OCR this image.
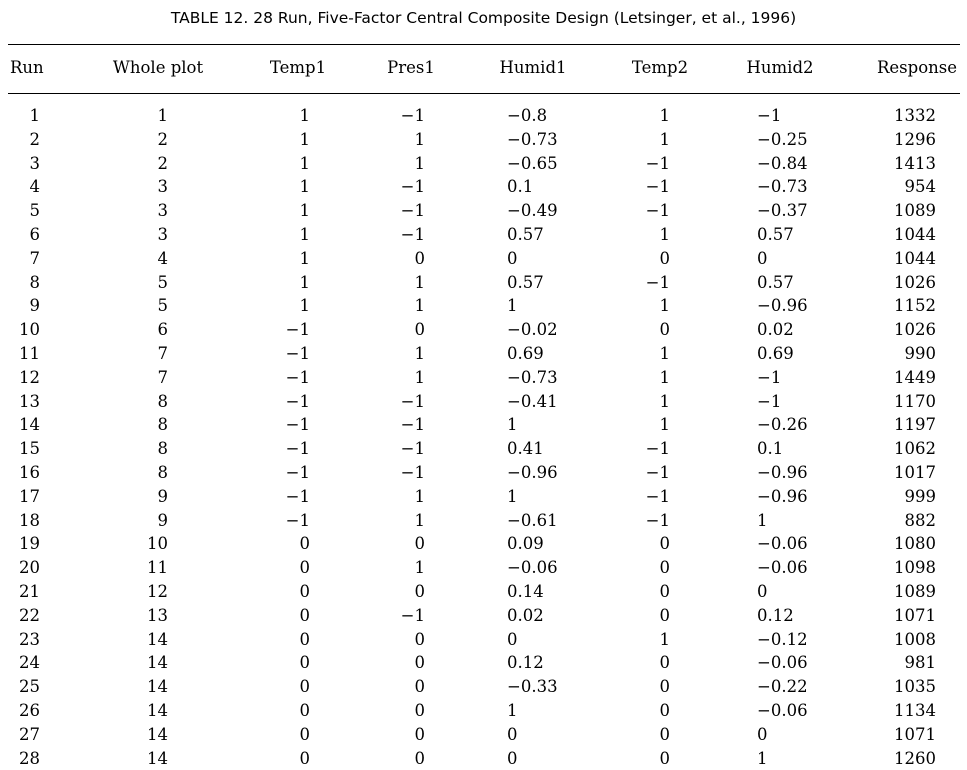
TABLE 12. 28 Run, Five-Factor Central Composite Design (Letsinger, et al., 1996)
Run	Whole plot	Temp1	Pres1	Humid1	Temp2	Humid2	Response
1	1	1	−1	−0.8	1	−1	1332
2	2	1	1	−0.73	1	−0.25	1296
3	2	1	1	−0.65	−1	−0.84	1413
4	3	1	−1	0.1	−1	−0.73	954
5	3	1	−1	−0.49	−1	−0.37	1089
6	3	1	−1	0.57	1	0.57	1044
7	4	1	0	0	0	0	1044
8	5	1	1	0.57	−1	0.57	1026
9	5	1	1	1	1	−0.96	1152
10	6	−1	0	−0.02	0	0.02	1026
11	7	−1	1	0.69	1	0.69	990
12	7	−1	1	−0.73	1	−1	1449
13	8	−1	−1	−0.41	1	−1	1170
14	8	−1	−1	1	1	−0.26	1197
15	8	−1	−1	0.41	−1	0.1	1062
16	8	−1	−1	−0.96	−1	−0.96	1017
17	9	−1	1	1	−1	−0.96	999
18	9	−1	1	−0.61	−1	1	882
19	10	0	0	0.09	0	−0.06	1080
20	11	0	1	−0.06	0	−0.06	1098
21	12	0	0	0.14	0	0	1089
22	13	0	−1	0.02	0	0.12	1071
23	14	0	0	0	1	−0.12	1008
24	14	0	0	0.12	0	−0.06	981
25	14	0	0	−0.33	0	−0.22	1035
26	14	0	0	1	0	−0.06	1134
27	14	0	0	0	0	0	1071
28	14	0	0	0	0	1	1260
